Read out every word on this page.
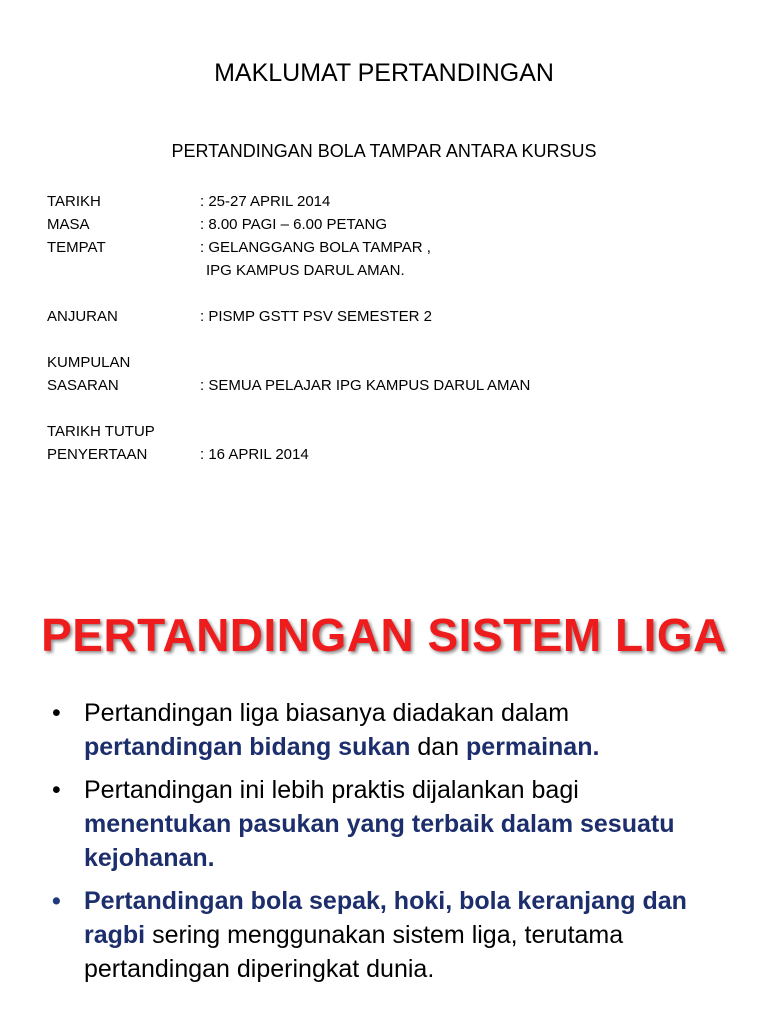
MAKLUMAT PERTANDINGAN
PERTANDINGAN BOLA TAMPAR ANTARA KURSUS
TARIKH	: 25-27 APRIL 2014
MASA	: 8.00 PAGI – 6.00 PETANG
TEMPAT	: GELANGGANG BOLA TAMPAR ,
IPG KAMPUS DARUL AMAN.
ANJURAN	: PISMP GSTT PSV SEMESTER 2
KUMPULAN
SASARAN	: SEMUA PELAJAR IPG KAMPUS DARUL AMAN
TARIKH TUTUP
PENYERTAAN	: 16 APRIL 2014
PERTANDINGAN SISTEM LIGA
• Pertandingan liga biasanya diadakan dalam
pertandingan bidang sukan dan permainan.
• Pertandingan ini lebih praktis dijalankan bagi
menentukan pasukan yang terbaik dalam sesuatu kejohanan.
• Pertandingan bola sepak, hoki, bola keranjang dan ragbi sering menggunakan sistem liga, terutama pertandingan diperingkat dunia.
